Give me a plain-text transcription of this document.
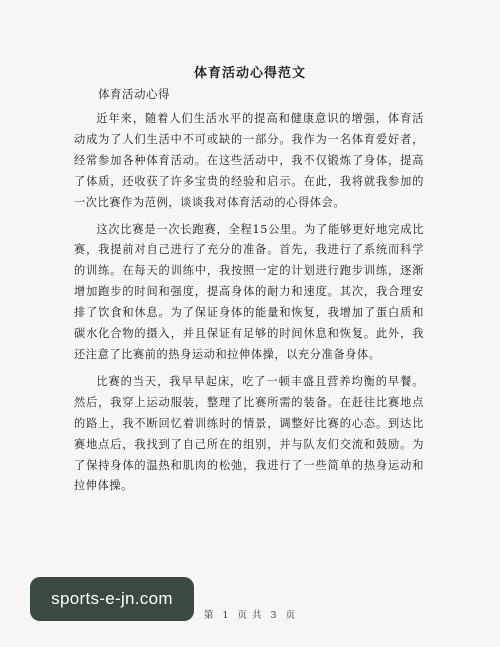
体育活动心得范文
体育活动心得

近年来，随着人们生活水平的提高和健康意识的增强，体育活动成为了人们生活中不可或缺的一部分。我作为一名体育爱好者，经常参加各种体育活动。在这些活动中，我不仅锻炼了身体，提高了体质，还收获了许多宝贵的经验和启示。在此，我将就我参加的一次比赛作为范例，谈谈我对体育活动的心得体会。

这次比赛是一次长跑赛，全程15公里。为了能够更好地完成比赛，我提前对自己进行了充分的准备。首先，我进行了系统而科学的训练。在每天的训练中，我按照一定的计划进行跑步训练，逐渐增加跑步的时间和强度，提高身体的耐力和速度。其次，我合理安排了饮食和休息。为了保证身体的能量和恢复，我增加了蛋白质和碳水化合物的摄入，并且保证有足够的时间休息和恢复。此外，我还注意了比赛前的热身运动和拉伸体操，以充分准备身体。

比赛的当天，我早早起床，吃了一顿丰盛且营养均衡的早餐。然后，我穿上运动服装，整理了比赛所需的装备。在赶往比赛地点的路上，我不断回忆着训练时的情景，调整好比赛的心态。到达比赛地点后，我找到了自己所在的组别，并与队友们交流和鼓励。为了保持身体的温热和肌肉的松弛，我进行了一些简单的热身运动和拉伸体操。

第 1 页 共 3 页
sports-e-jn.com
